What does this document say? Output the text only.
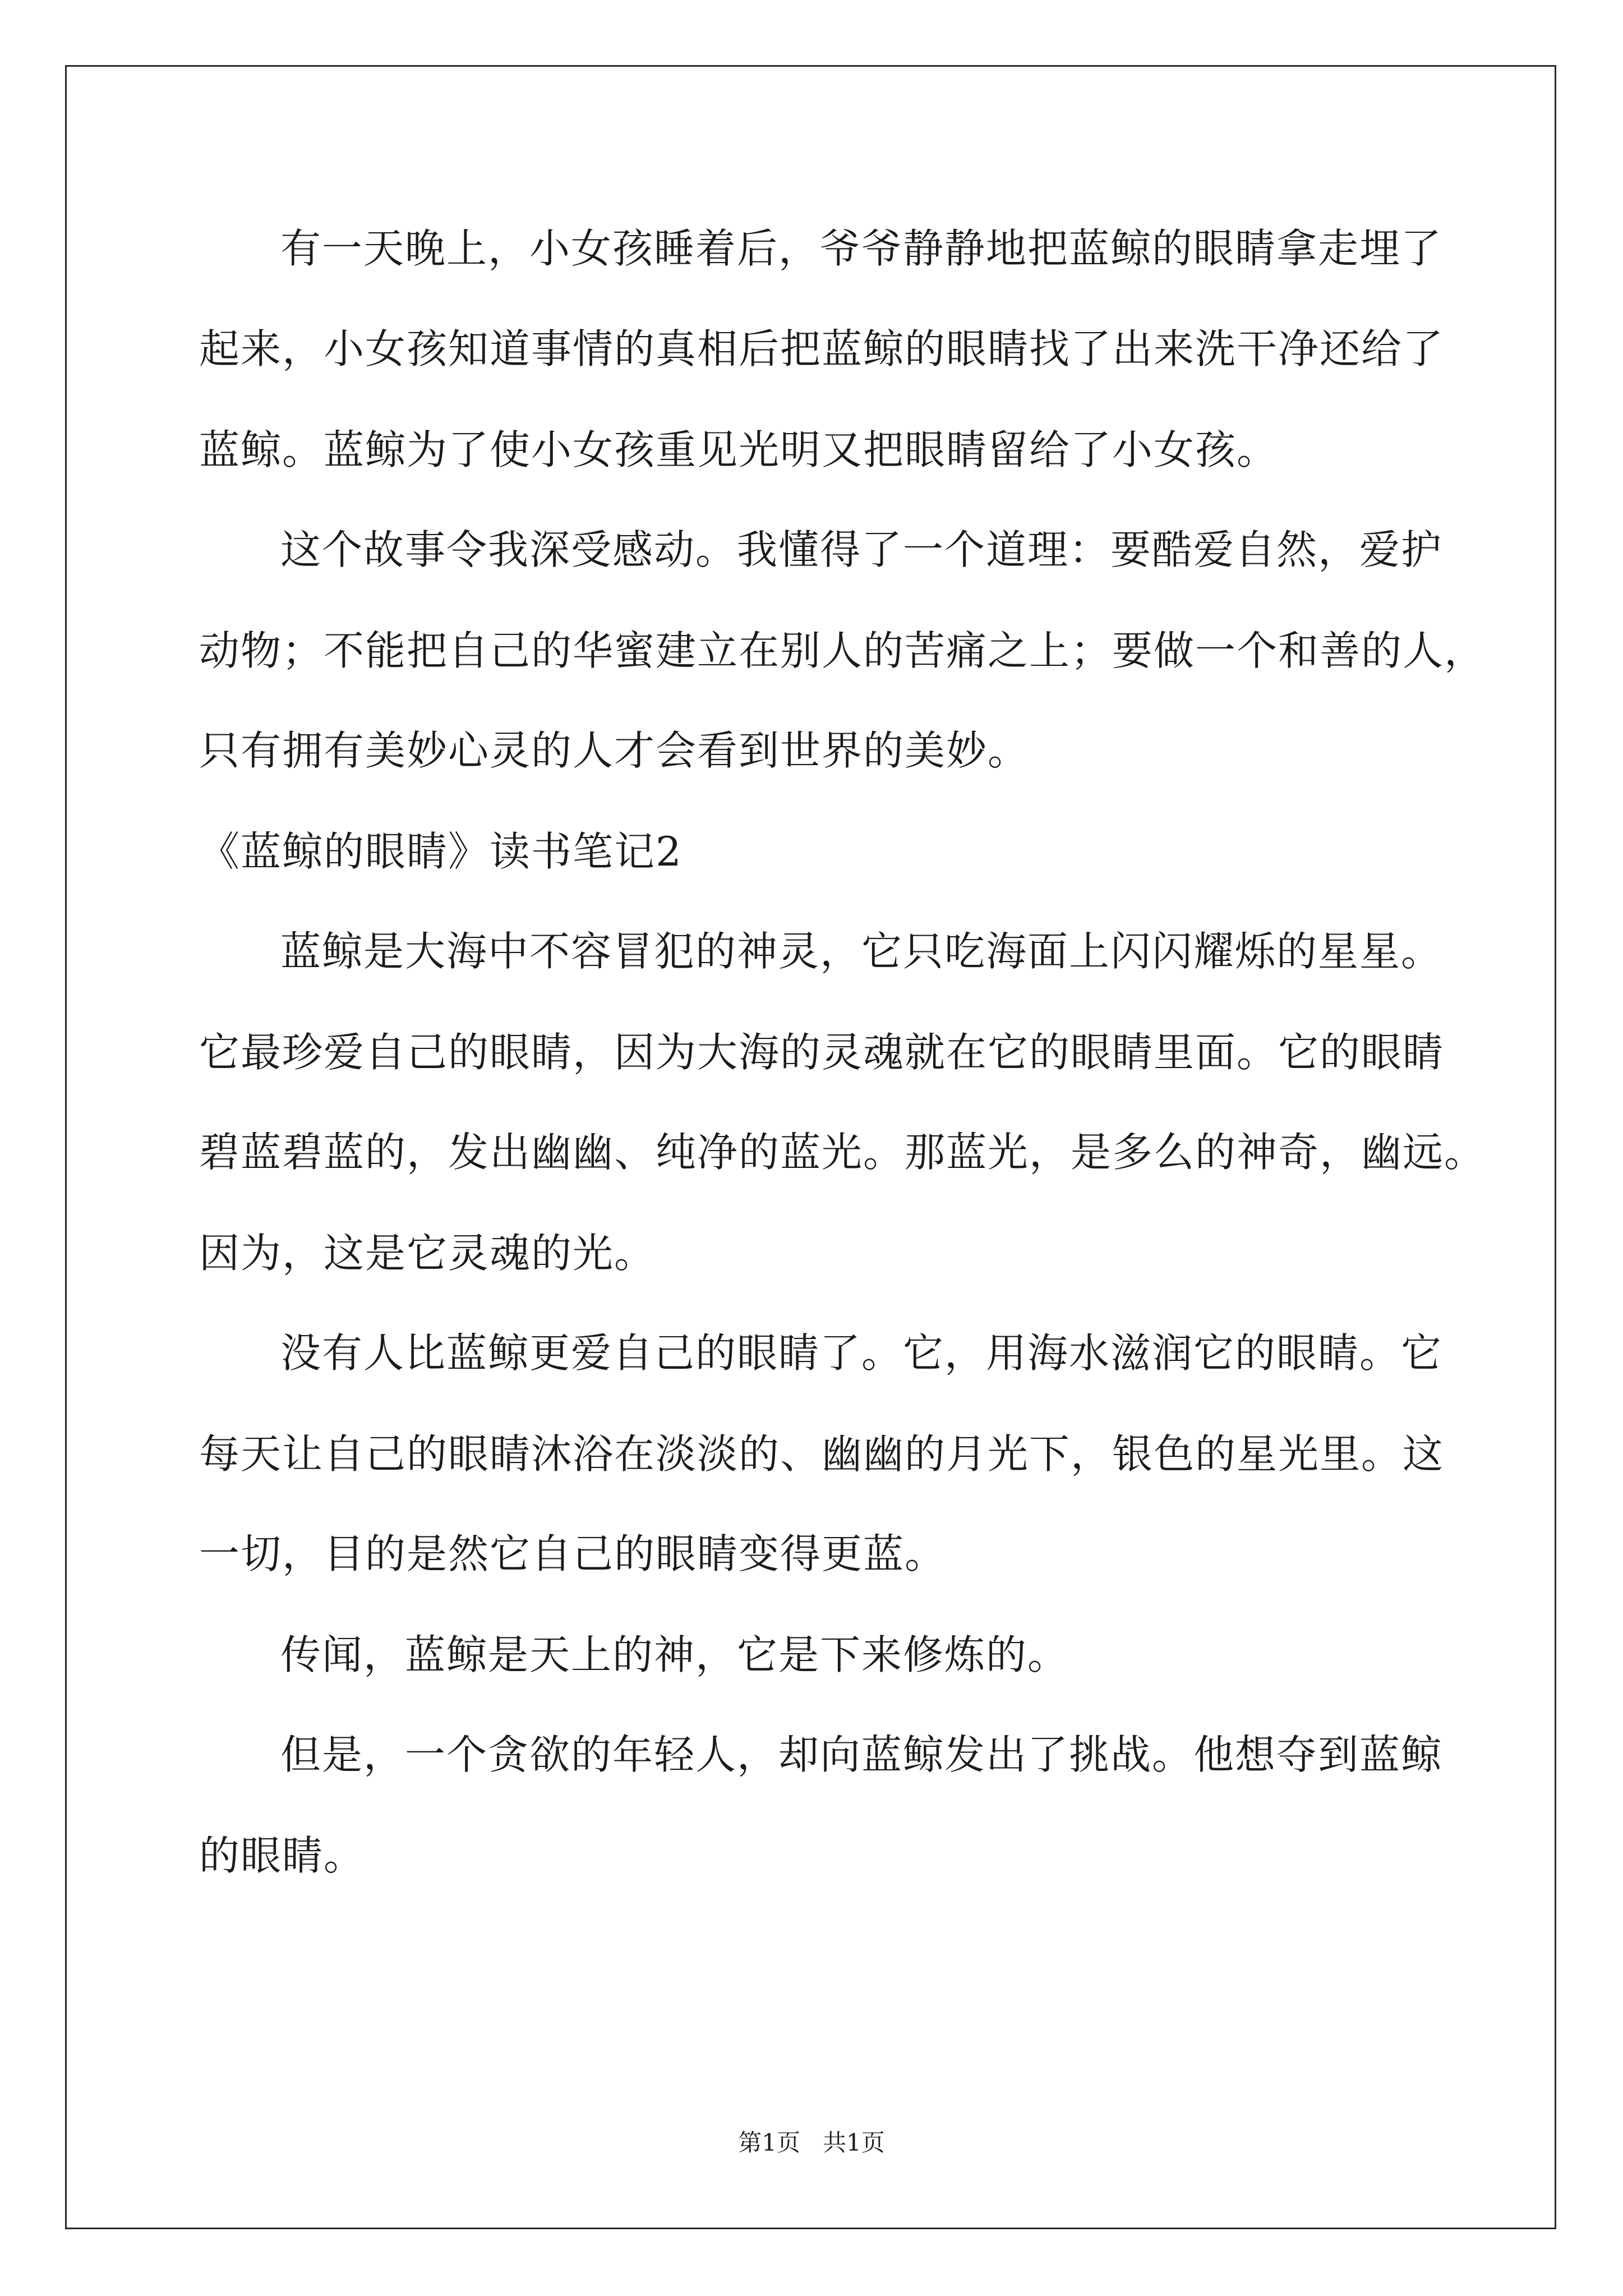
有一天晚上，小女孩睡着后，爷爷静静地把蓝鲸的眼睛拿走埋了
起来，小女孩知道事情的真相后把蓝鲸的眼睛找了出来洗干净还给了
蓝鲸。蓝鲸为了使小女孩重见光明又把眼睛留给了小女孩。
这个故事令我深受感动。我懂得了一个道理：要酷爱自然，爱护
动物；不能把自己的华蜜建立在别人的苦痛之上；要做一个和善的人，
只有拥有美妙心灵的人才会看到世界的美妙。
《蓝鲸的眼睛》读书笔记2
蓝鲸是大海中不容冒犯的神灵，它只吃海面上闪闪耀烁的星星。
它最珍爱自己的眼睛，因为大海的灵魂就在它的眼睛里面。它的眼睛
碧蓝碧蓝的，发出幽幽、纯净的蓝光。那蓝光，是多么的神奇，幽远。
因为，这是它灵魂的光。
没有人比蓝鲸更爱自己的眼睛了。它，用海水滋润它的眼睛。它
每天让自己的眼睛沐浴在淡淡的、幽幽的月光下，银色的星光里。这
一切，目的是然它自己的眼睛变得更蓝。
传闻，蓝鲸是天上的神，它是下来修炼的。
但是，一个贪欲的年轻人，却向蓝鲸发出了挑战。他想夺到蓝鲸
的眼睛。
第1页   共1页
